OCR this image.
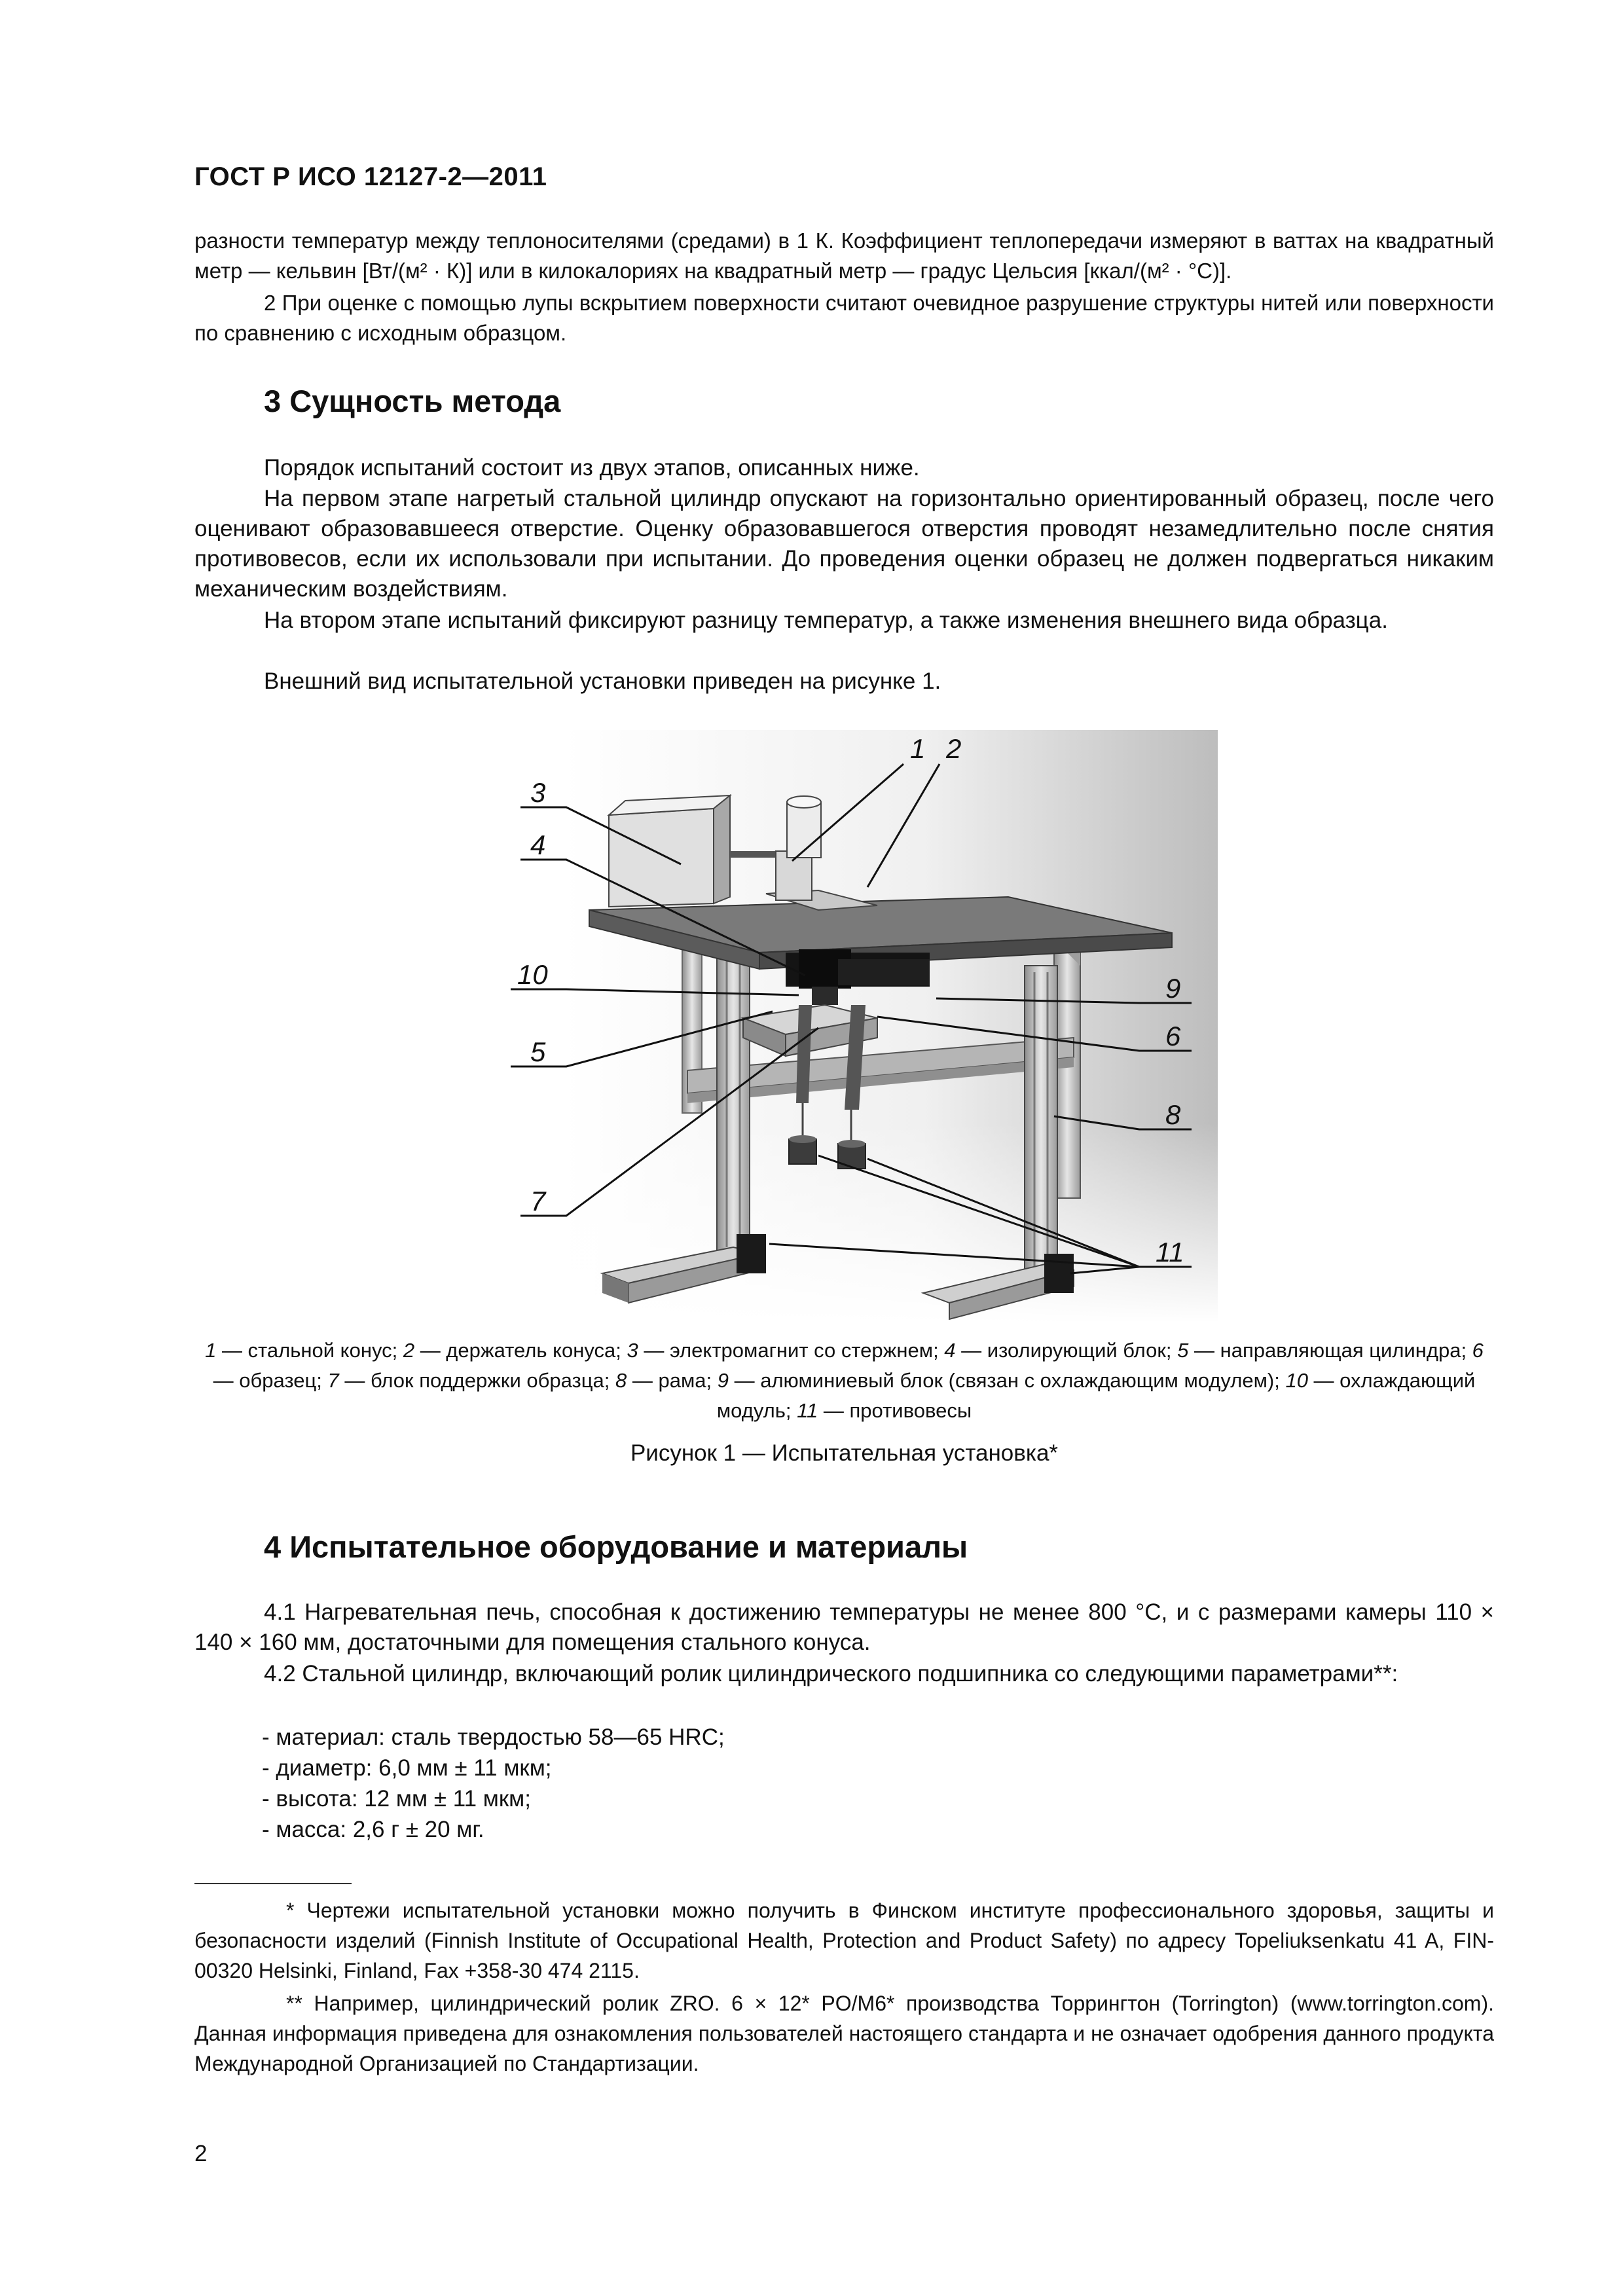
ГОСТ Р ИСО 12127-2—2011
разности температур между теплоносителями (средами) в 1 К. Коэффициент теплопередачи измеряют в ваттах на квадратный метр — кельвин [Вт/(м² · К)] или в килокалориях на квадратный метр — градус Цельсия [ккал/(м² · °С)].
2 При оценке с помощью лупы вскрытием поверхности считают очевидное разрушение структуры нитей или поверхности по сравнению с исходным образцом.
3 Сущность метода
Порядок испытаний состоит из двух этапов, описанных ниже.
На первом этапе нагретый стальной цилиндр опускают на горизонтально ориентированный образец, после чего оценивают образовавшееся отверстие. Оценку образовавшегося отверстия проводят незамедлительно после снятия противовесов, если их использовали при испытании. До проведения оценки образец не должен подвергаться никаким механическим воздействиям.
На втором этапе испытаний фиксируют разницу температур, а также изменения внешнего вида образца.
Внешний вид испытательной установки приведен на рисунке 1.
1 2
3
4
5
6
7
8
9
10
11
1 — стальной конус; 2 — держатель конуса; 3 — электромагнит со стержнем; 4 — изолирующий блок; 5 — направляющая цилиндра; 6 — образец; 7 — блок поддержки образца; 8 — рама; 9 — алюминиевый блок (связан с охлаждающим модулем); 10 — охлаждающий модуль; 11 — противовесы
Рисунок 1 — Испытательная установка*
4 Испытательное оборудование и материалы
4.1 Нагревательная печь, способная к достижению температуры не менее 800 °С, и с размерами камеры 110 × 140 × 160 мм, достаточными для помещения стального конуса.
4.2 Стальной цилиндр, включающий ролик цилиндрического подшипника со следующими параметрами**:
- материал: сталь твердостью 58—65 HRC;
- диаметр: 6,0 мм ± 11 мкм;
- высота: 12 мм ± 11 мкм;
- масса: 2,6 г ± 20 мг.
* Чертежи испытательной установки можно получить в Финском институте профессионального здоровья, защиты и безопасности изделий (Finnish Institute of Occupational Health, Protection and Product Safety) по адресу Topeliuksenkatu 41 A, FIN-00320 Helsinki, Finland, Fax +358-30 474 2115.
** Например, цилиндрический ролик ZRO. 6 × 12* PO/M6* производства Торрингтон (Torrington) (www.torrington.com). Данная информация приведена для ознакомления пользователей настоящего стандарта и не означает одобрения данного продукта Международной Организацией по Стандартизации.
2
